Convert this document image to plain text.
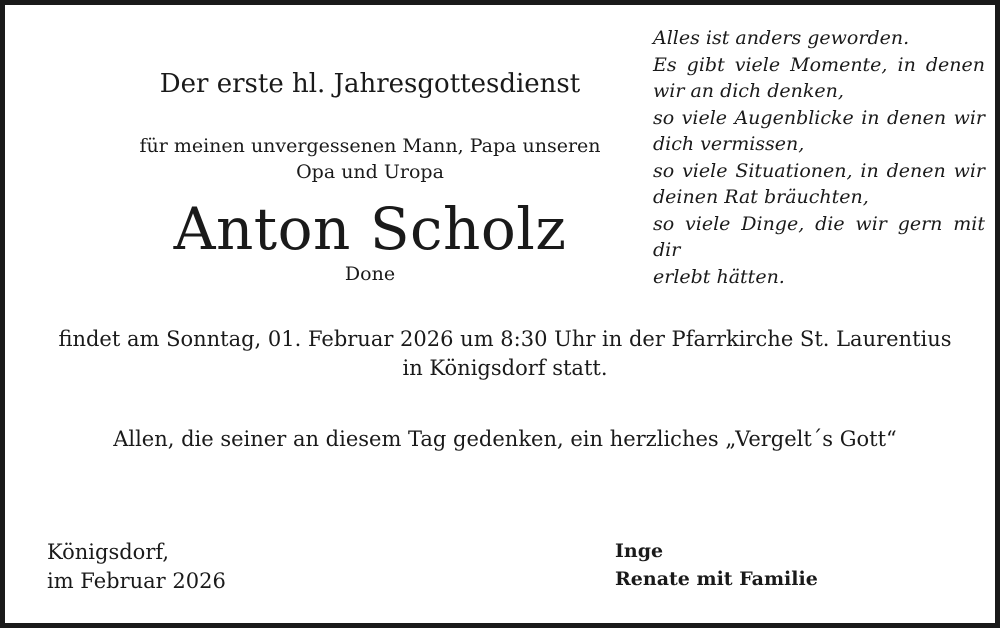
Der erste hl. Jahresgottesdienst

für meinen unvergessenen Mann, Papa unseren
Opa und Uropa

Anton Scholz

Done

Alles ist anders geworden.
Es gibt viele Momente, in denen
wir an dich denken,
so viele Augenblicke in denen wir
dich vermissen,
so viele Situationen, in denen wir
deinen Rat bräuchten,
so viele Dinge, die wir gern mit dir
erlebt hätten.
findet am Sonntag, 01. Februar 2026 um 8:30 Uhr in der Pfarrkirche St. Laurentius
in Königsdorf statt.

Allen, die seiner an diesem Tag gedenken, ein herzliches „Vergelt´s Gott“

Königsdorf,
im Februar 2026
Inge
Renate mit Familie
